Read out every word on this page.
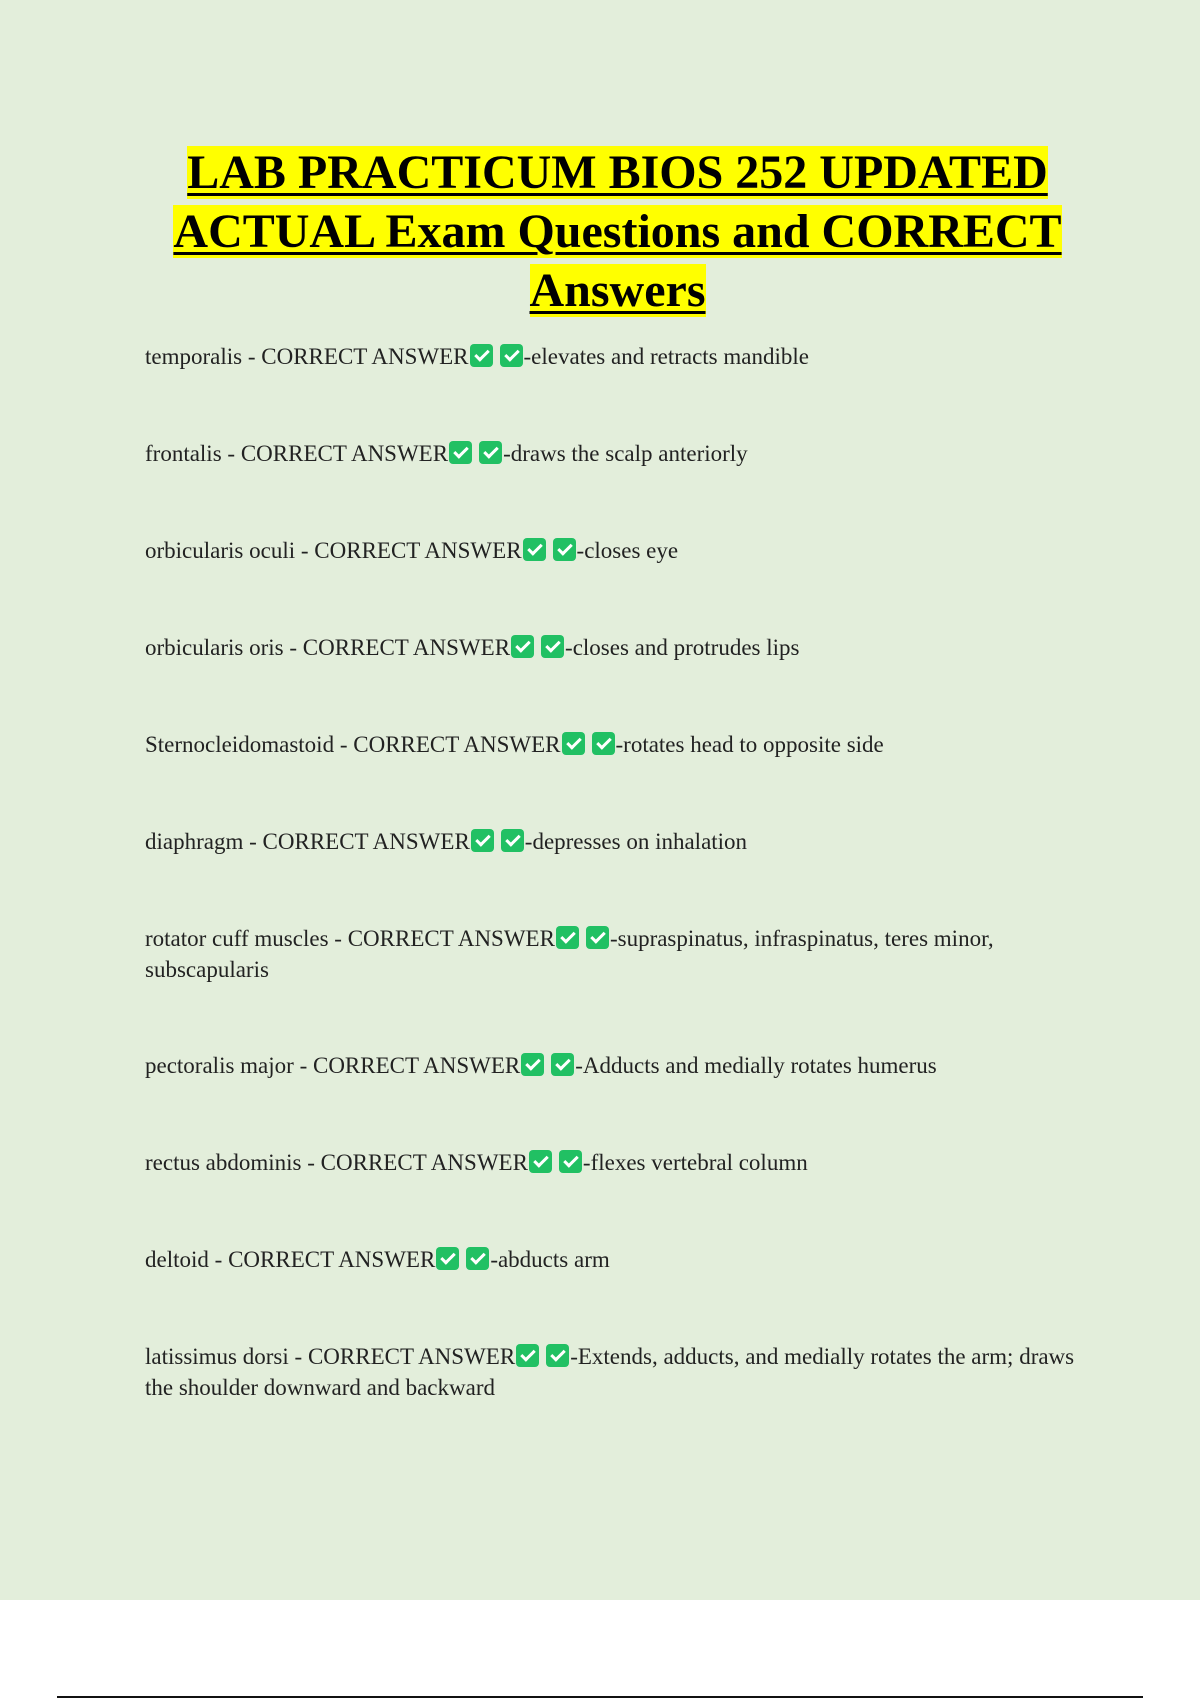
LAB PRACTICUM BIOS 252 UPDATED ACTUAL Exam Questions and CORRECT Answers
temporalis - CORRECT ANSWER -elevates and retracts mandible
frontalis - CORRECT ANSWER -draws the scalp anteriorly
orbicularis oculi - CORRECT ANSWER -closes eye
orbicularis oris - CORRECT ANSWER -closes and protrudes lips
Sternocleidomastoid - CORRECT ANSWER -rotates head to opposite side
diaphragm - CORRECT ANSWER -depresses on inhalation
rotator cuff muscles - CORRECT ANSWER -supraspinatus, infraspinatus, teres minor, subscapularis
pectoralis major - CORRECT ANSWER -Adducts and medially rotates humerus
rectus abdominis - CORRECT ANSWER -flexes vertebral column
deltoid - CORRECT ANSWER -abducts arm
latissimus dorsi - CORRECT ANSWER -Extends, adducts, and medially rotates the arm; draws the shoulder downward and backward
